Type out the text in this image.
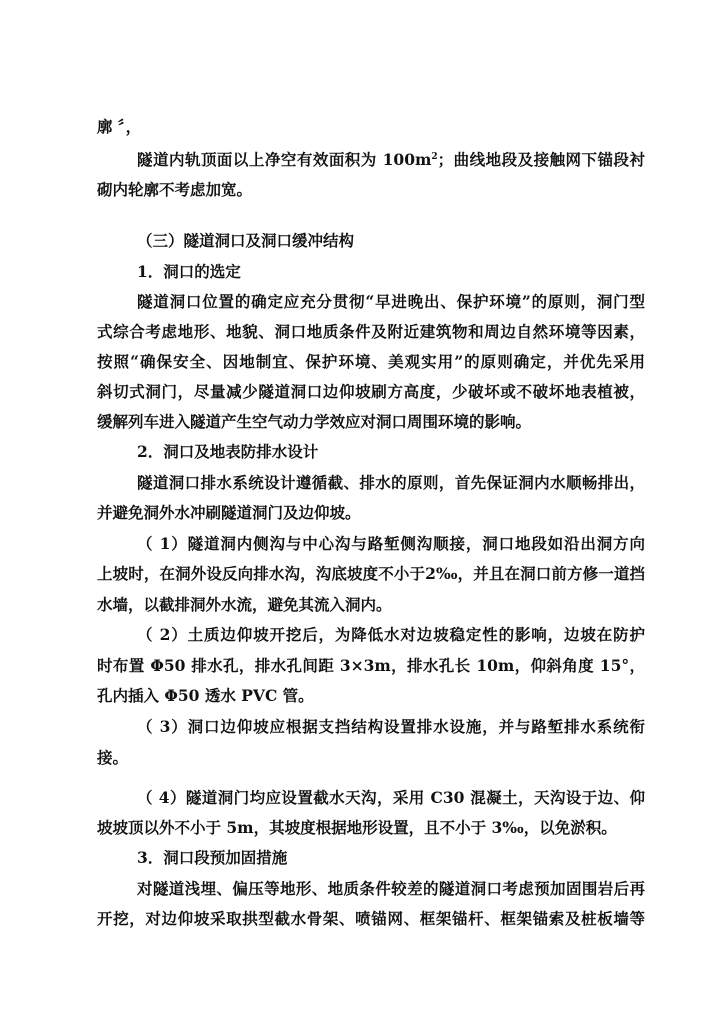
廓 〞，
隧道内轨顶面以上净空有效面积为 $100m^2$；曲线地段及接触网下锚段衬
砌内轮廓不考虑加宽。
（三）隧道洞口及洞口缓冲结构
1．洞口的选定
隧道洞口位置的确定应充分贯彻“早进晚出、保护环境”的原则，洞门型
式综合考虑地形、地貌、洞口地质条件及附近建筑物和周边自然环境等因素，
按照“确保安全、因地制宜、保护环境、美观实用”的原则确定，并优先采用
斜切式洞门，尽量减少隧道洞口边仰坡刷方高度，少破坏或不破坏地表植被，
缓解列车进入隧道产生空气动力学效应对洞口周围环境的影响。
2．洞口及地表防排水设计
隧道洞口排水系统设计遵循截、排水的原则，首先保证洞内水顺畅排出，
并避免洞外水冲刷隧道洞门及边仰坡。
（ 1）隧道洞内侧沟与中心沟与路堑侧沟顺接，洞口地段如沿出洞方向
上坡时，在洞外设反向排水沟，沟底坡度不小于2‰，并且在洞口前方修一道挡
水墙，以截排洞外水流，避免其流入洞内。
（ 2）土质边仰坡开挖后，为降低水对边坡稳定性的影响，边坡在防护
时布置 Φ50 排水孔，排水孔间距 3×3m，排水孔长 10m，仰斜角度 15°，
孔内插入 Φ50 透水 PVC 管。
（ 3）洞口边仰坡应根据支挡结构设置排水设施，并与路堑排水系统衔
接。
（ 4）隧道洞门均应设置截水天沟，采用 C30 混凝土，天沟设于边、仰
坡坡顶以外不小于 5m，其坡度根据地形设置，且不小于 3‰，以免淤积。
3．洞口段预加固措施
对隧道浅埋、偏压等地形、地质条件较差的隧道洞口考虑预加固围岩后再
开挖，对边仰坡采取拱型截水骨架、喷锚网、框架锚杆、框架锚索及桩板墙等
